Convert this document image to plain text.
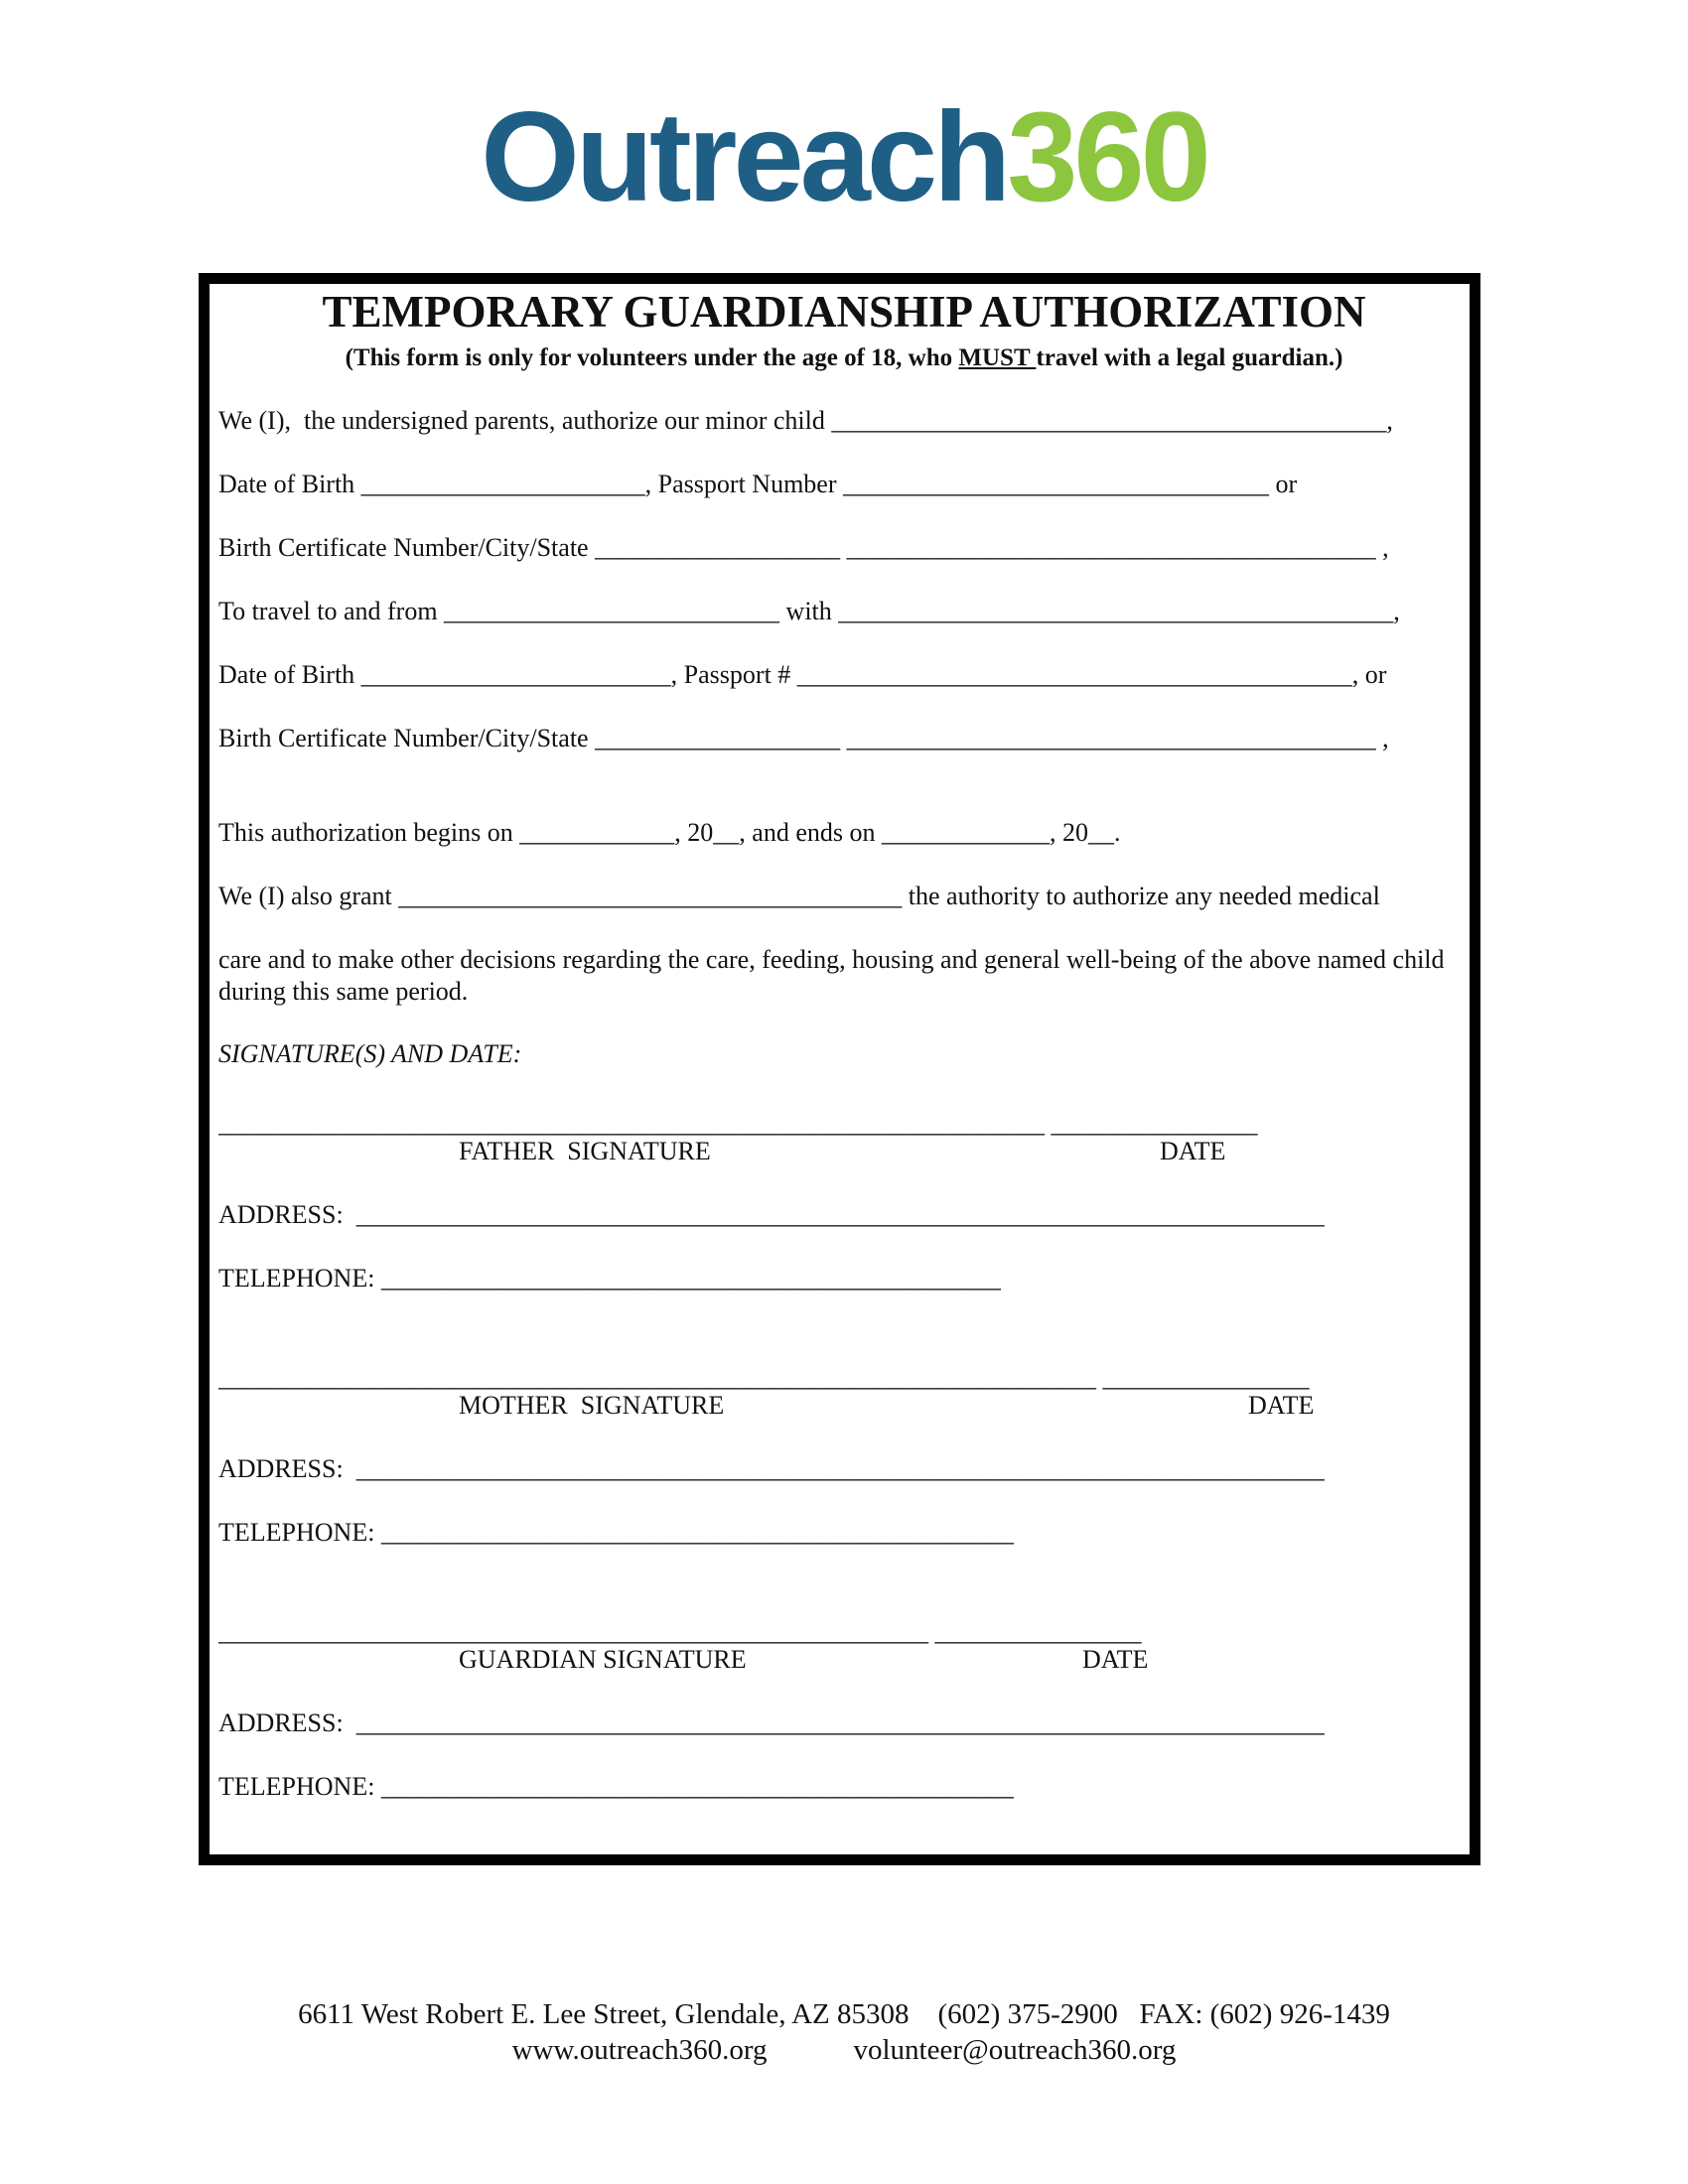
Outreach360
TEMPORARY GUARDIANSHIP AUTHORIZATION
(This form is only for volunteers under the age of 18, who MUST travel with a legal guardian.)
We (I),  the undersigned parents, authorize our minor child ___________________________________________,
Date of Birth ______________________, Passport Number _________________________________ or
Birth Certificate Number/City/State ___________________ _________________________________________ ,
To travel to and from __________________________ with ___________________________________________,
Date of Birth ________________________, Passport # ___________________________________________, or
Birth Certificate Number/City/State ___________________ _________________________________________ ,
This authorization begins on ____________, 20__, and ends on _____________, 20__.
We (I) also grant _______________________________________ the authority to authorize any needed medical
care and to make other decisions regarding the care, feeding, housing and general well-being of the above named child during this same period.
SIGNATURE(S) AND DATE:
________________________________________________________________ ________________
FATHER  SIGNATURE	DATE
ADDRESS:  ___________________________________________________________________________
TELEPHONE: ________________________________________________
____________________________________________________________________ ________________
MOTHER  SIGNATURE	DATE
ADDRESS:  ___________________________________________________________________________
TELEPHONE: _________________________________________________
_______________________________________________________ ________________
GUARDIAN SIGNATURE	DATE
ADDRESS:  ___________________________________________________________________________
TELEPHONE: _________________________________________________
6611 West Robert E. Lee Street, Glendale, AZ 85308    (602) 375-2900   FAX: (602) 926-1439
www.outreach360.org            volunteer@outreach360.org
